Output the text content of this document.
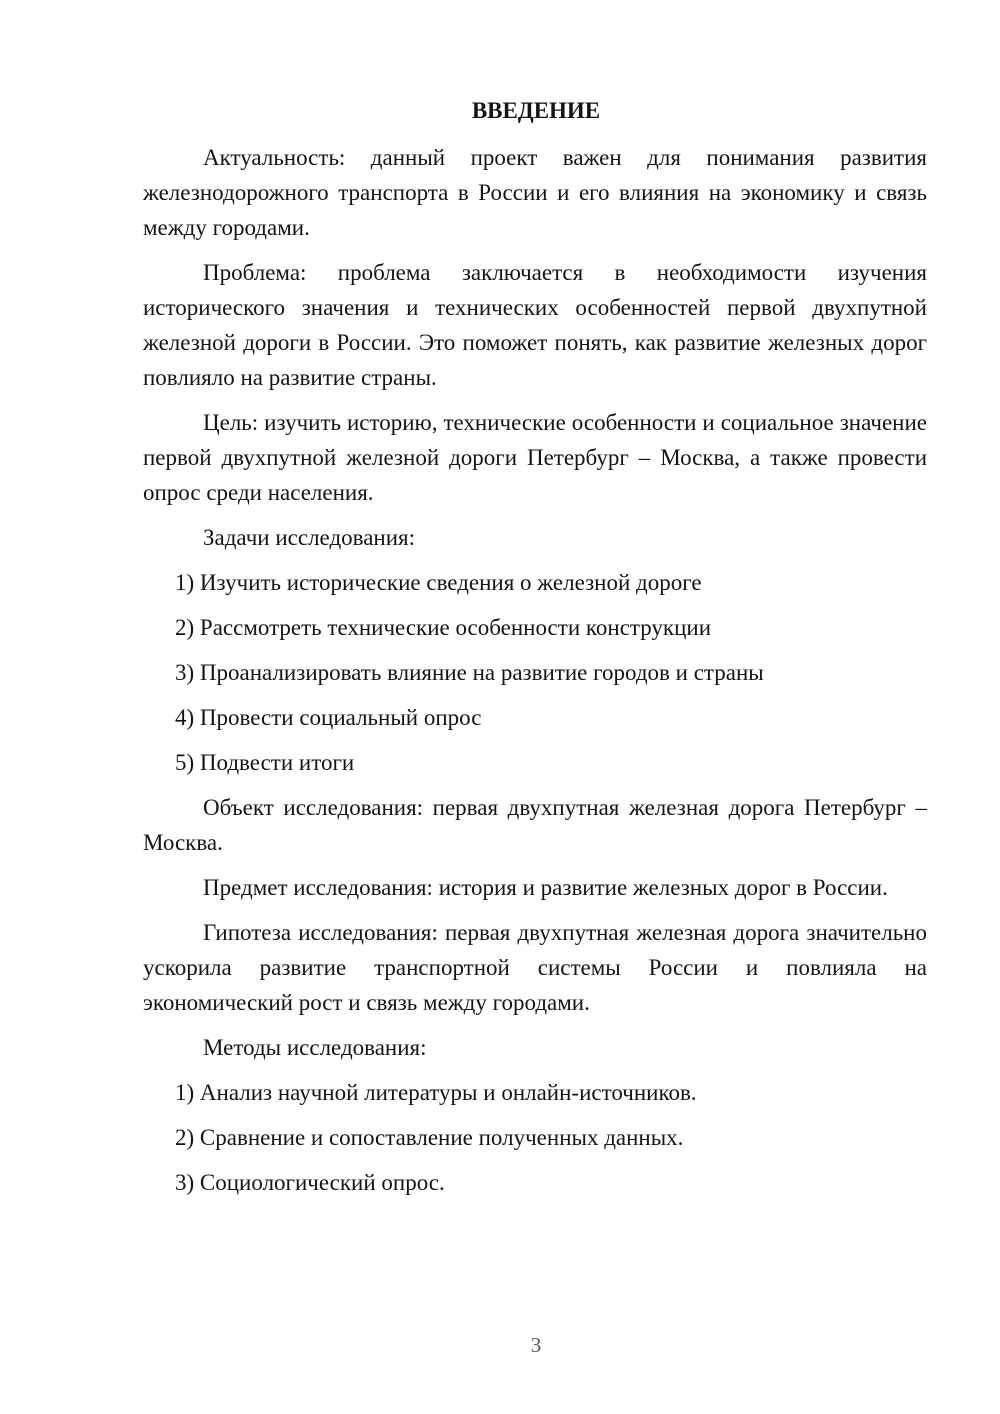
ВВЕДЕНИЕ

Актуальность: данный проект важен для понимания развития железнодорожного транспорта в России и его влияния на экономику и связь между городами.

Проблема: проблема заключается в необходимости изучения исторического значения и технических особенностей первой двухпутной железной дороги в России. Это поможет понять, как развитие железных дорог повлияло на развитие страны.

Цель: изучить историю, технические особенности и социальное значение первой двухпутной железной дороги Петербург – Москва, а также провести опрос среди населения.

Задачи исследования:

1) Изучить исторические сведения о железной дороге
2) Рассмотреть технические особенности конструкции
3) Проанализировать влияние на развитие городов и страны
4) Провести социальный опрос
5) Подвести итоги

Объект исследования: первая двухпутная железная дорога Петербург – Москва.

Предмет исследования: история и развитие железных дорог в России.

Гипотеза исследования: первая двухпутная железная дорога значительно ускорила развитие транспортной системы России и повлияла на экономический рост и связь между городами.

Методы исследования:

1) Анализ научной литературы и онлайн-источников.
2) Сравнение и сопоставление полученных данных.
3) Социологический опрос.
3
